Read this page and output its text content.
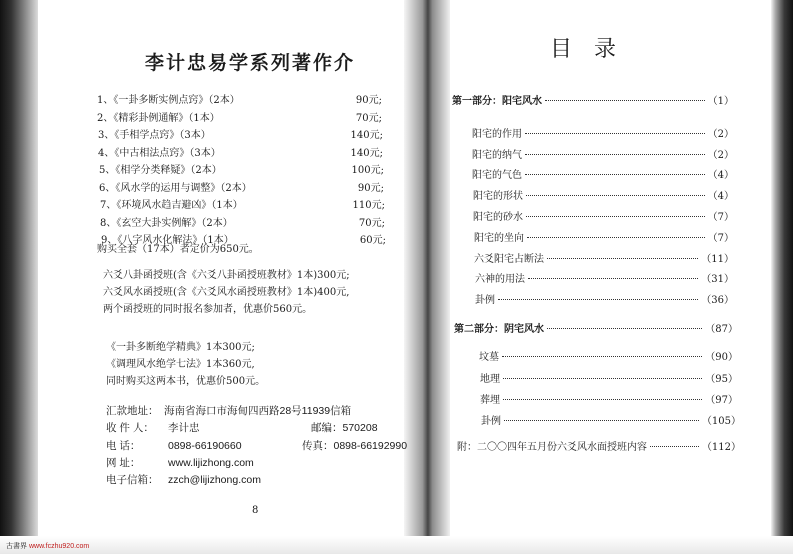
李计忠易学系列著作介
1、《一卦多断实例点窍》（2本）	90元;
2、《精彩卦例通解》（1本）	70元;
3、《手相学点窍》（3本）	140元;
4、《中古相法点窍》（3本）	140元;
5、《相学分类释疑》（2本）	100元;
6、《风水学的运用与调整》（2本）	90元;
7、《环境风水趋吉避凶》（1本）	110元;
8、《玄空大卦实例解》（2本）	70元;
9、《八字风水化解法》（1本）	60元;
购买全套（17本）者定价为650元。
六爻八卦函授班(含《六爻八卦函授班教材》1本)300元;
六爻风水函授班(含《六爻风水函授班教材》1本)400元,
两个函授班的同时报名参加者，优惠价560元。
《一卦多断绝学精典》1本300元;
《调理风水绝学七法》1本360元,
同时购买这两本书，优惠价500元。
汇款地址： 海南省海口市海甸四西路28号11939信箱
收 件 人：	李计忠	邮编：570208
电 话：	0898-66190660	传真：0898-66192990
网 址：	www.lijizhong.com
电子信箱： zzch@lijizhong.com
8
目录
第一部分：阳宅风水	（1）
阳宅的作用	（2）
阳宅的纳气	（2）
阳宅的气色	（4）
阳宅的形状	（4）
阳宅的砂水	（7）
阳宅的坐向	（7）
六爻阳宅占断法	（11）
六神的用法	（31）
卦例	（36）
第二部分：阴宅风水	（87）
坟墓	（90）
地理	（95）
葬埋	（97）
卦例	（105）
附：二〇〇四年五月份六爻风水面授班内容	（112）
古書界 www.fczhu920.com
